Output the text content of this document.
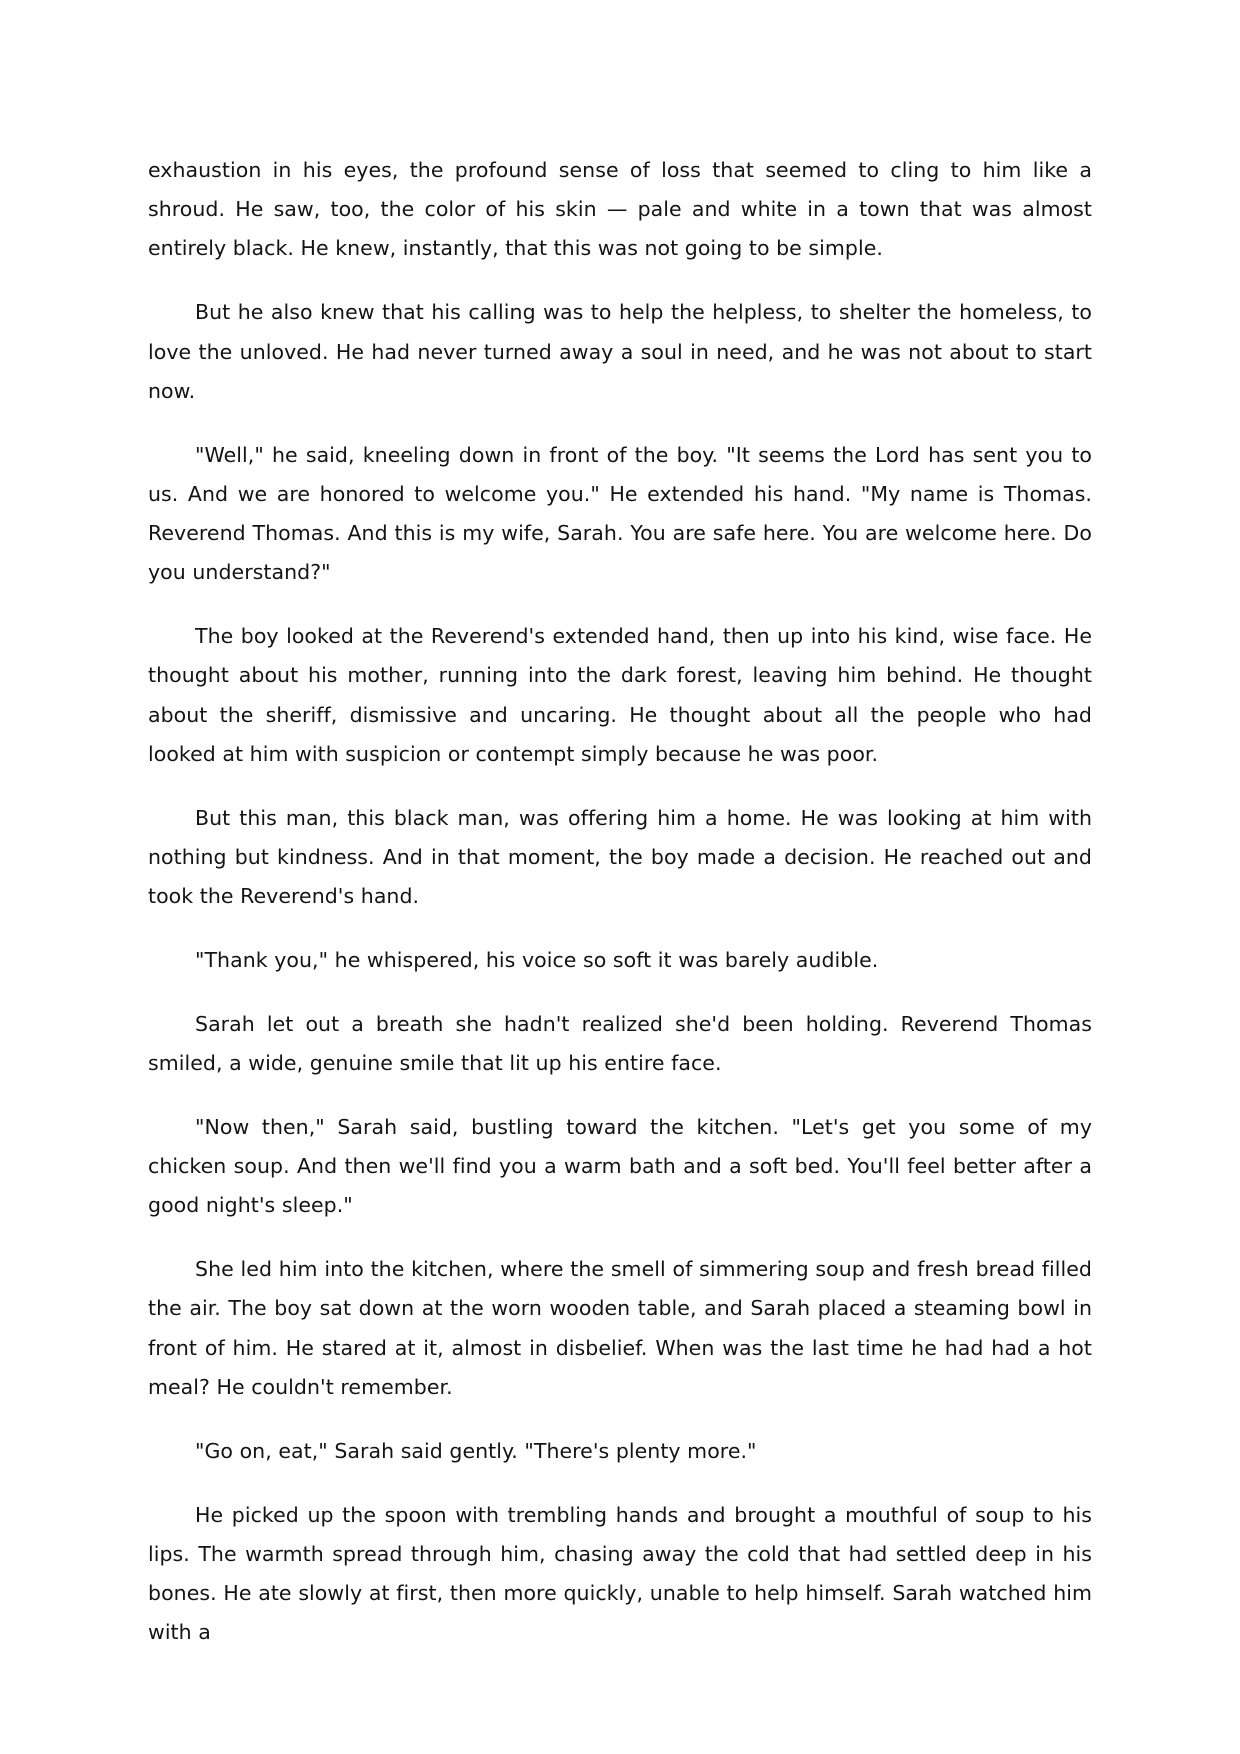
exhaustion in his eyes, the profound sense of loss that seemed to cling to him like a shroud. He saw, too, the color of his skin — pale and white in a town that was almost entirely black. He knew, instantly, that this was not going to be simple.

But he also knew that his calling was to help the helpless, to shelter the homeless, to love the unloved. He had never turned away a soul in need, and he was not about to start now.

"Well," he said, kneeling down in front of the boy. "It seems the Lord has sent you to us. And we are honored to welcome you." He extended his hand. "My name is Thomas. Reverend Thomas. And this is my wife, Sarah. You are safe here. You are welcome here. Do you understand?"

The boy looked at the Reverend's extended hand, then up into his kind, wise face. He thought about his mother, running into the dark forest, leaving him behind. He thought about the sheriff, dismissive and uncaring. He thought about all the people who had looked at him with suspicion or contempt simply because he was poor.

But this man, this black man, was offering him a home. He was looking at him with nothing but kindness. And in that moment, the boy made a decision. He reached out and took the Reverend's hand.

"Thank you," he whispered, his voice so soft it was barely audible.

Sarah let out a breath she hadn't realized she'd been holding. Reverend Thomas smiled, a wide, genuine smile that lit up his entire face.

"Now then," Sarah said, bustling toward the kitchen. "Let's get you some of my chicken soup. And then we'll find you a warm bath and a soft bed. You'll feel better after a good night's sleep."

She led him into the kitchen, where the smell of simmering soup and fresh bread filled the air. The boy sat down at the worn wooden table, and Sarah placed a steaming bowl in front of him. He stared at it, almost in disbelief. When was the last time he had had a hot meal? He couldn't remember.

"Go on, eat," Sarah said gently. "There's plenty more."

He picked up the spoon with trembling hands and brought a mouthful of soup to his lips. The warmth spread through him, chasing away the cold that had settled deep in his bones. He ate slowly at first, then more quickly, unable to help himself. Sarah watched him with a
